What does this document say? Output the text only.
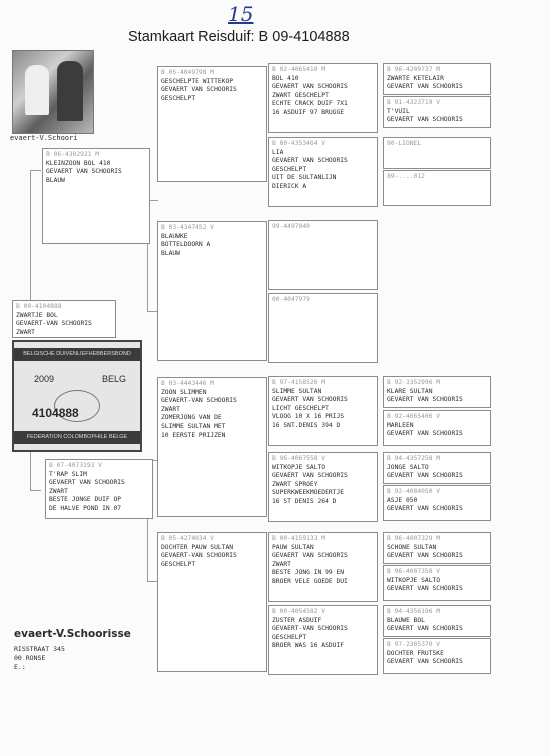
15
Stamkaart Reisduif: B 09-4104888
evaert-V.Schoori
B 09-4104888
ZWARTJE BOL
GEVAERT-VAN SCHOORIS
ZWART
BELGISCHE DUIVENLIEFHEBBERSBOND
2009	BELG
4104888
FEDERATION COLOMBOPHILE BELGE
evaert-V.Schoorisse
RISSTRAAT 345
00 RONSE
E.:
B 06-4302921 M
KLEINZOON BOL 410
GEVAERT VAN SCHOORIS
BLAUW
B 07-4073193 V
T'RAP SLIM
GEVAERT VAN SCHOORIS
ZWART
BESTE JONGE DUIF OP
DE HALVE POND IN 07
B 05-4049798 M
GESCHELPTE WITTEKOP
GEVAERT VAN SCHOORIS
GESCHELPT
B 03-4347452 V
BLAUWKE
BOTTELDOORN A
BLAUW
B 03-4443446 M
ZOON SLIMMEN
GEVAERT-VAN SCHOORIS
ZWART
ZOMERJONG VAN DE
SLIMME SULTAN MET
10 EERSTE PRIJZEN
B 05-4274034 V
DOCHTER PAUW SULTAN
GEVAERT-VAN SCHOORIS
GESCHELPT
B 02-4065410 M
BOL 410
GEVAERT VAN SCHOORIS
ZWART GESCHELPT
ECHTE CRACK DUIF 7X1
16 ASDUIF 97 BRUGGE
B 00-4353464 V
LIA
GEVAERT VAN SCHOORIS
GESCHELPT
UIT DE SULTANLIJN
DIERICK A
99-4497040
00-4047979
B 97-4158526 M
SLIMME SULTAN
GEVAERT VAN SCHOORIS
LICHT GESCHELPT
VLOOG 10 X 16 PRIJS
16 SNT.DENIS 394 D
B 96-4067558 V
WITKOPJE SALTO
GEVAERT VAN SCHOORIS
ZWART SPROEY
SUPERKWEEKMOEDERTJE
16 ST DENIS 264 D
B 00-4159133 M
PAUW SULTAN
GEVAERT VAN SCHOORIS
ZWART
BESTE JONG IN 99 EN
BROER VELE GOEDE DUI
B 00-4054582 V
ZUSTER ASDUIF
GEVAERT-VAN SCHOORIS
GESCHELPT
BROER WAS 16 ASDUIF
B 96-4209737 M
ZWARTE KETELAIR
GEVAERT VAN SCHOORIS
B 91-4323719 V
T'VUIL
GEVAERT VAN SCHOORIS
90-LIONEL
89-....012
B 92-3352996 M
KLARE SULTAN
GEVAERT VAN SCHOORIS
B 92-4665406 V
MARLEEN
GEVAERT VAN SCHOORIS
B 94-4357258 M
JONGE SALTO
GEVAERT VAN SCHOORIS
B 92-4084050 V
ASJE 050
GEVAERT VAN SCHOORIS
B 96-4007329 M
SCHONE SULTAN
GEVAERT VAN SCHOORIS
B 96-4007358 V
WITKOPJE SALTO
GEVAERT VAN SCHOORIS
B 94-4356196 M
BLAUWE BOL
GEVAERT VAN SCHOORIS
B 97-2305370 V
DOCHTER FRUTSKE
GEVAERT VAN SCHOORIS
